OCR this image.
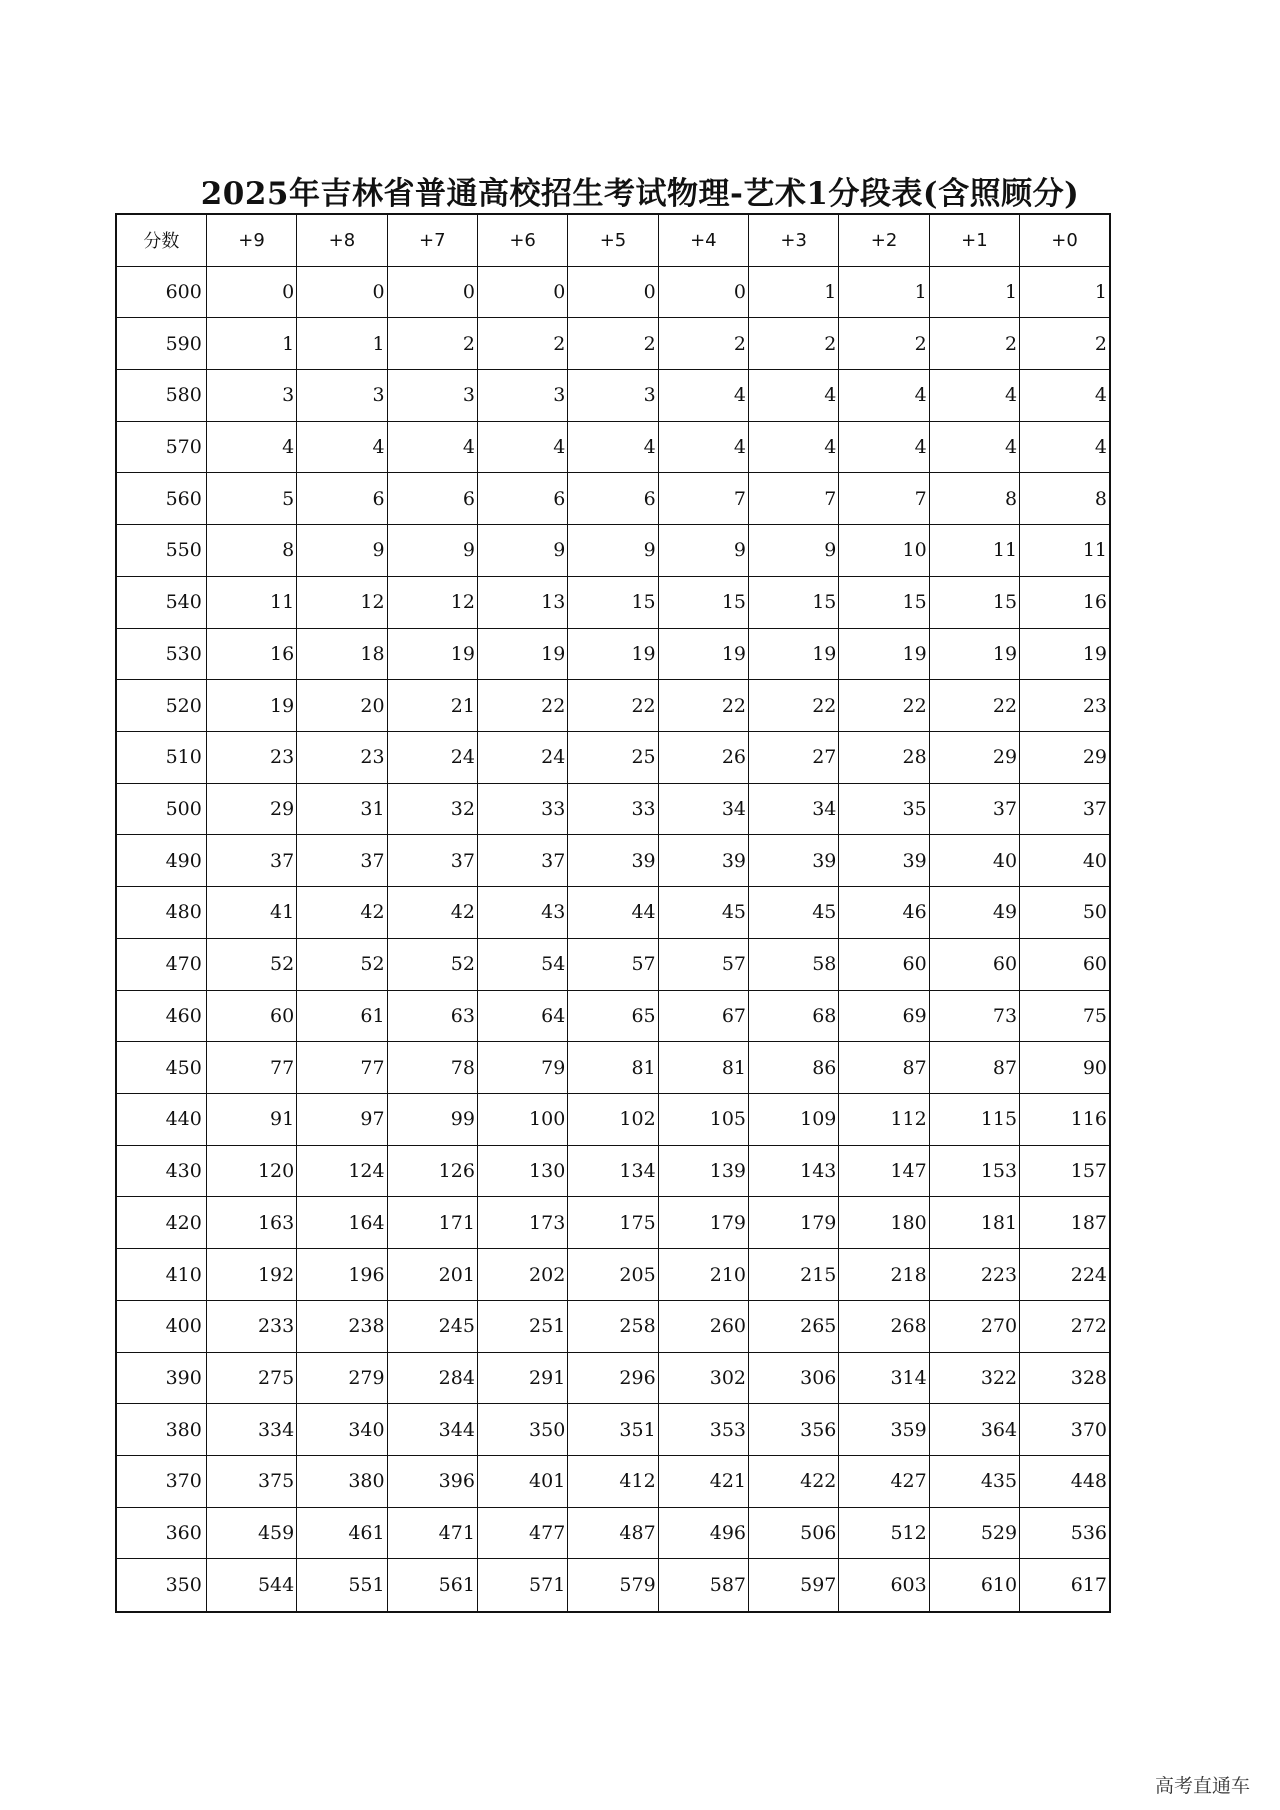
2025年吉林省普通高校招生考试物理-艺术1分段表(含照顾分)
分数	+9	+8	+7	+6	+5	+4	+3	+2	+1	+0
600	0	0	0	0	0	0	1	1	1	1
590	1	1	2	2	2	2	2	2	2	2
580	3	3	3	3	3	4	4	4	4	4
570	4	4	4	4	4	4	4	4	4	4
560	5	6	6	6	6	7	7	7	8	8
550	8	9	9	9	9	9	9	10	11	11
540	11	12	12	13	15	15	15	15	15	16
530	16	18	19	19	19	19	19	19	19	19
520	19	20	21	22	22	22	22	22	22	23
510	23	23	24	24	25	26	27	28	29	29
500	29	31	32	33	33	34	34	35	37	37
490	37	37	37	37	39	39	39	39	40	40
480	41	42	42	43	44	45	45	46	49	50
470	52	52	52	54	57	57	58	60	60	60
460	60	61	63	64	65	67	68	69	73	75
450	77	77	78	79	81	81	86	87	87	90
440	91	97	99	100	102	105	109	112	115	116
430	120	124	126	130	134	139	143	147	153	157
420	163	164	171	173	175	179	179	180	181	187
410	192	196	201	202	205	210	215	218	223	224
400	233	238	245	251	258	260	265	268	270	272
390	275	279	284	291	296	302	306	314	322	328
380	334	340	344	350	351	353	356	359	364	370
370	375	380	396	401	412	421	422	427	435	448
360	459	461	471	477	487	496	506	512	529	536
350	544	551	561	571	579	587	597	603	610	617
高考直通车
